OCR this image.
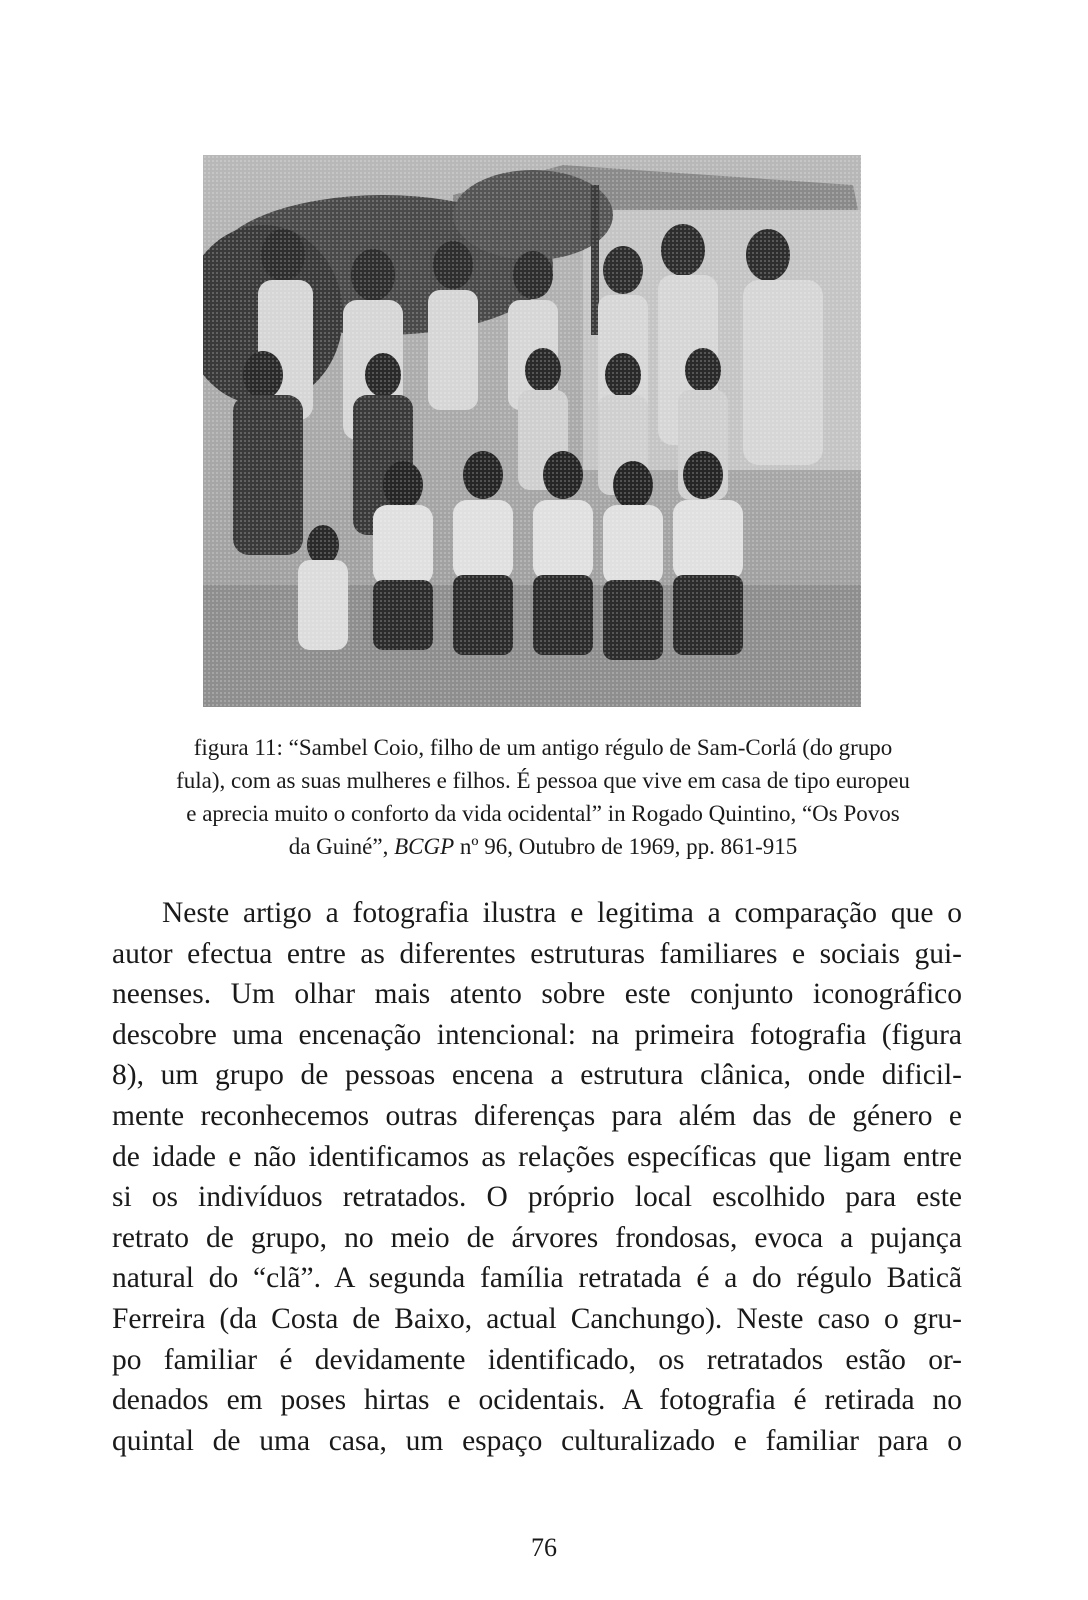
figura 11: “Sambel Coio, filho de um antigo régulo de Sam-Corlá (do grupo

fula), com as suas mulheres e filhos. É pessoa que vive em casa de tipo europeu

e aprecia muito o conforto da vida ocidental” in Rogado Quintino, “Os Povos

da Guiné”, BCGP nº 96, Outubro de 1969, pp. 861-915

Neste artigo a fotografia ilustra e legitima a comparação que o
autor efectua entre as diferentes estruturas familiares e sociais gui-
neenses. Um olhar mais atento sobre este conjunto iconográfico
descobre uma encenação intencional: na primeira fotografia (figura
8), um grupo de pessoas encena a estrutura clânica, onde dificil-
mente reconhecemos outras diferenças para além das de género e
de idade e não identificamos as relações específicas que ligam entre
si os indivíduos retratados. O próprio local escolhido para este
retrato de grupo, no meio de árvores frondosas, evoca a pujança
natural do “clã”. A segunda família retratada é a do régulo Baticã
Ferreira (da Costa de Baixo, actual Canchungo). Neste caso o gru-
po familiar é devidamente identificado, os retratados estão or-
denados em poses hirtas e ocidentais. A fotografia é retirada no
quintal de uma casa, um espaço culturalizado e familiar para o
76
